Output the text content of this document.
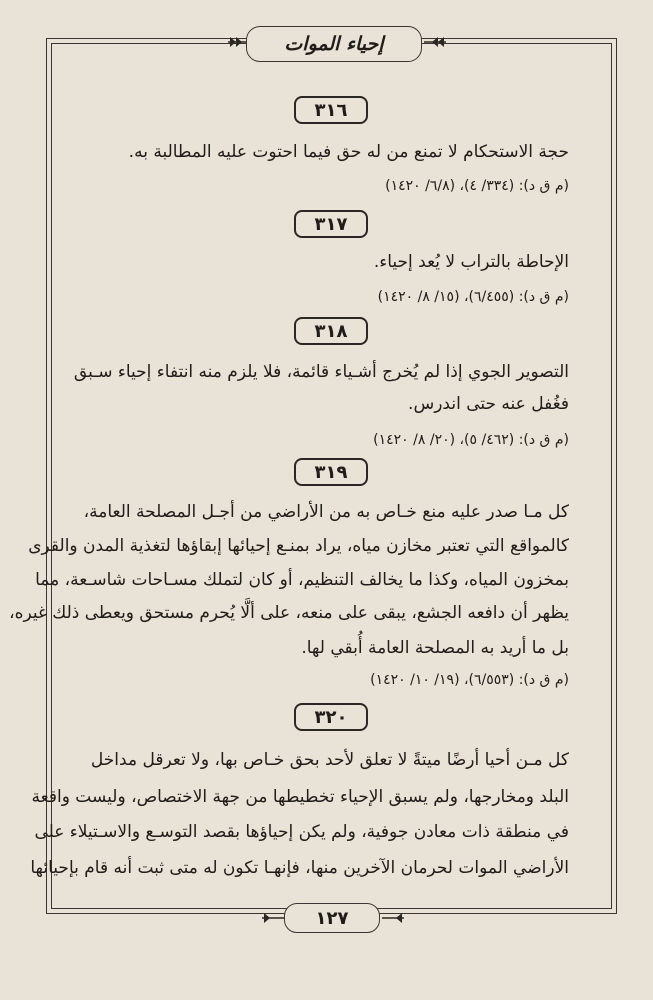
إحياء الموات
٣١٦
حجة الاستحكام لا تمنع من له حق فيما احتوت عليه المطالبة به.
(م ق د): (٣٣٤/ ٤)، (٦/٨/ ١٤٢٠)
٣١٧
الإحاطة بالتراب لا يُعد إحياء.
(م ق د): (٦/٤٥٥)، (١٥/ ٨/ ١٤٢٠)
٣١٨
التصوير الجوي إذا لم يُخرج أشـياء قائمة، فلا يلزم منه انتفاء إحياء سـبق
فغُفل عنه حتى اندرس.
(م ق د): (٤٦٢/ ٥)، (٢٠/ ٨/ ١٤٢٠)
٣١٩
كل مـا صدر عليه منع خـاص به من الأراضي من أجـل المصلحة العامة،
كالمواقع التي تعتبر مخازن مياه، يراد بمنـع إحيائها إبقاؤها لتغذية المدن والقرى
بمخزون المياه، وكذا ما يخالف التنظيم، أو كان لتملك مسـاحات شاسـعة، مما
يظهر أن دافعه الجشع، يبقى على منعه، على ألَّا يُحرم مستحق ويعطى ذلك غيره،
بل ما أريد به المصلحة العامة أُبقي لها.
(م ق د): (٦/٥٥٣)، (١٩/ ١٠/ ١٤٢٠)
٣٢٠
كل مـن أحيا أرضًا ميتةً لا تعلق لأحد بحق خـاص بها، ولا تعرقل مداخل
البلد ومخارجها، ولم يسبق الإحياء تخطيطها من جهة الاختصاص، وليست واقعة
في منطقة ذات معادن جوفية، ولم يكن إحياؤها بقصد التوسـع والاسـتيلاء على
الأراضي الموات لحرمان الآخرين منها، فإنهـا تكون له متى ثبت أنه قام بإحيائها
١٢٧
